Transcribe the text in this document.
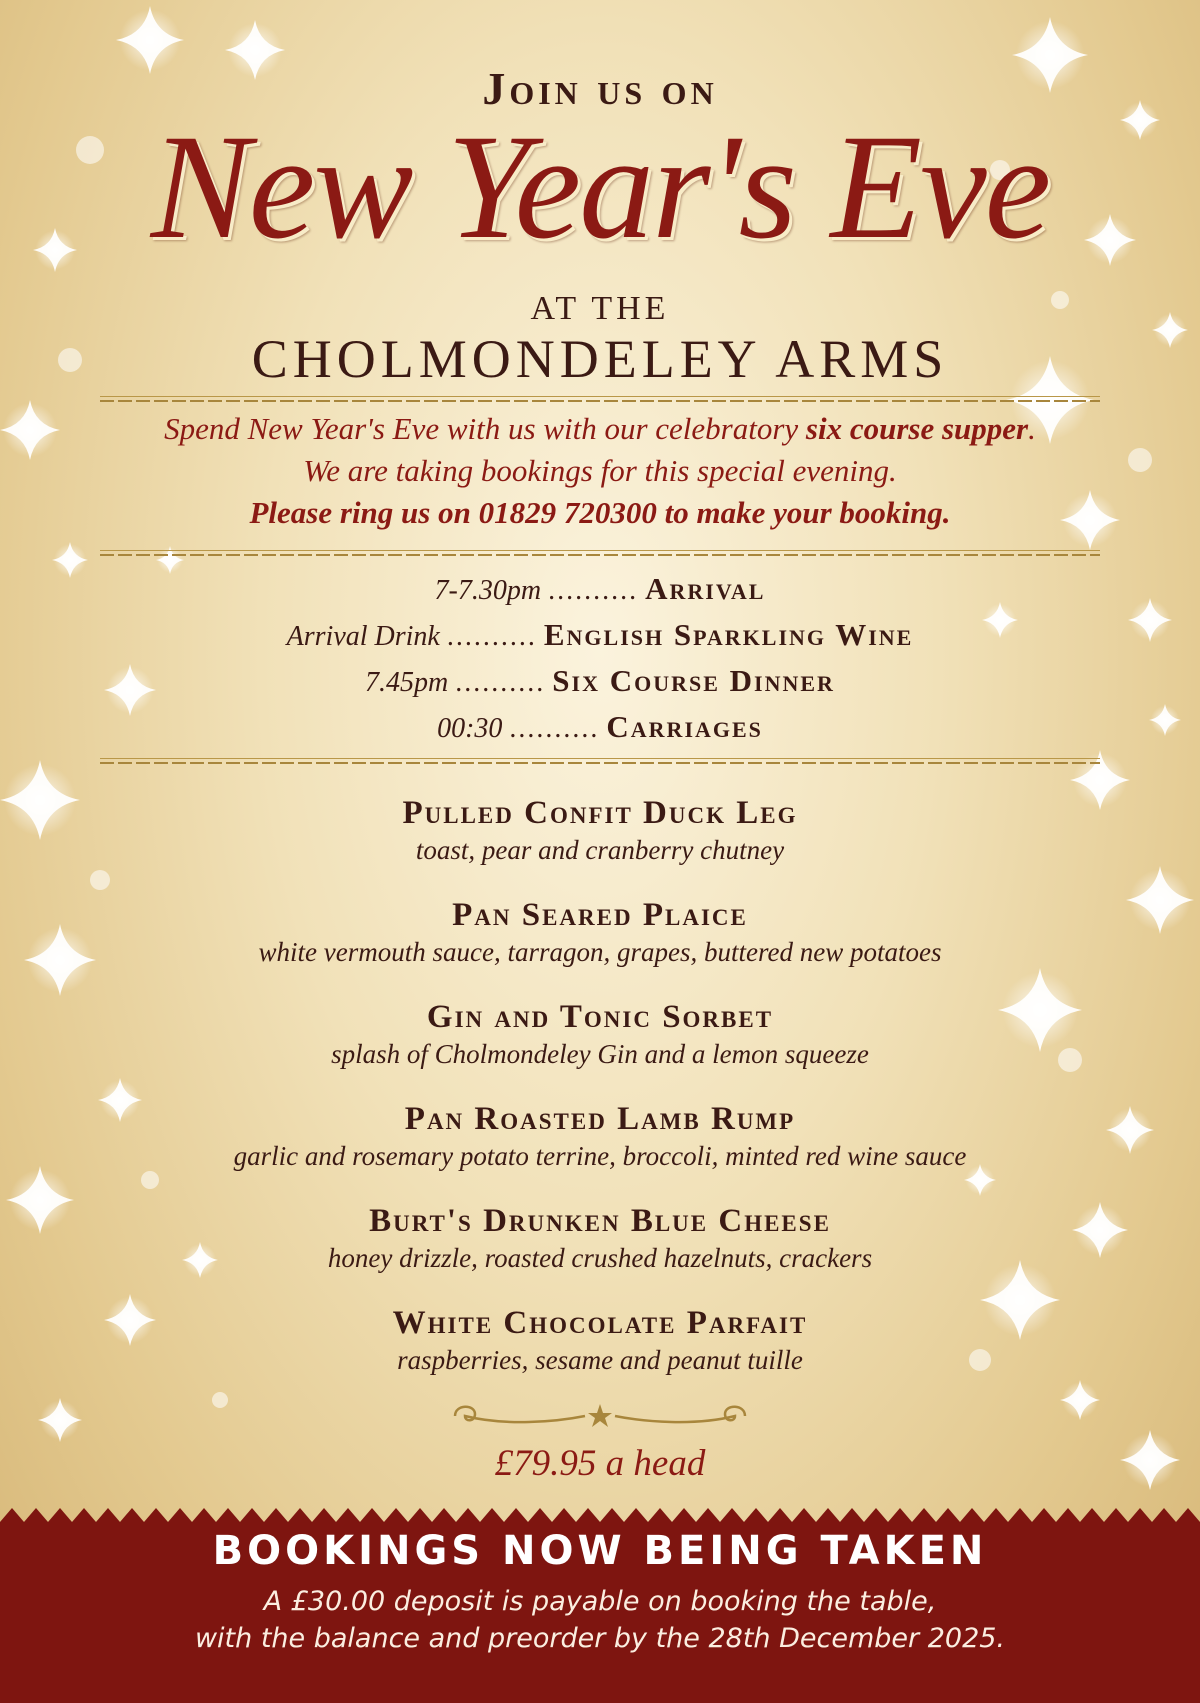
Join us on
New Year's Eve
AT THE
CHOLMONDELEY ARMS
Spend New Year's Eve with us with our celebratory six course supper.
We are taking bookings for this special evening.
Please ring us on 01829 720300 to make your booking.
7-7.30pm .......... Arrival
Arrival Drink .......... English Sparkling Wine
7.45pm .......... Six Course Dinner
00:30 .......... Carriages
Pulled Confit Duck Leg
toast, pear and cranberry chutney
Pan Seared Plaice
white vermouth sauce, tarragon, grapes, buttered new potatoes
Gin and Tonic Sorbet
splash of Cholmondeley Gin and a lemon squeeze
Pan Roasted Lamb Rump
garlic and rosemary potato terrine, broccoli, minted red wine sauce
Burt's Drunken Blue Cheese
honey drizzle, roasted crushed hazelnuts, crackers
White Chocolate Parfait
raspberries, sesame and peanut tuille
£79.95 a head
BOOKINGS NOW BEING TAKEN
A £30.00 deposit is payable on booking the table,
with the balance and preorder by the 28th December 2025.
